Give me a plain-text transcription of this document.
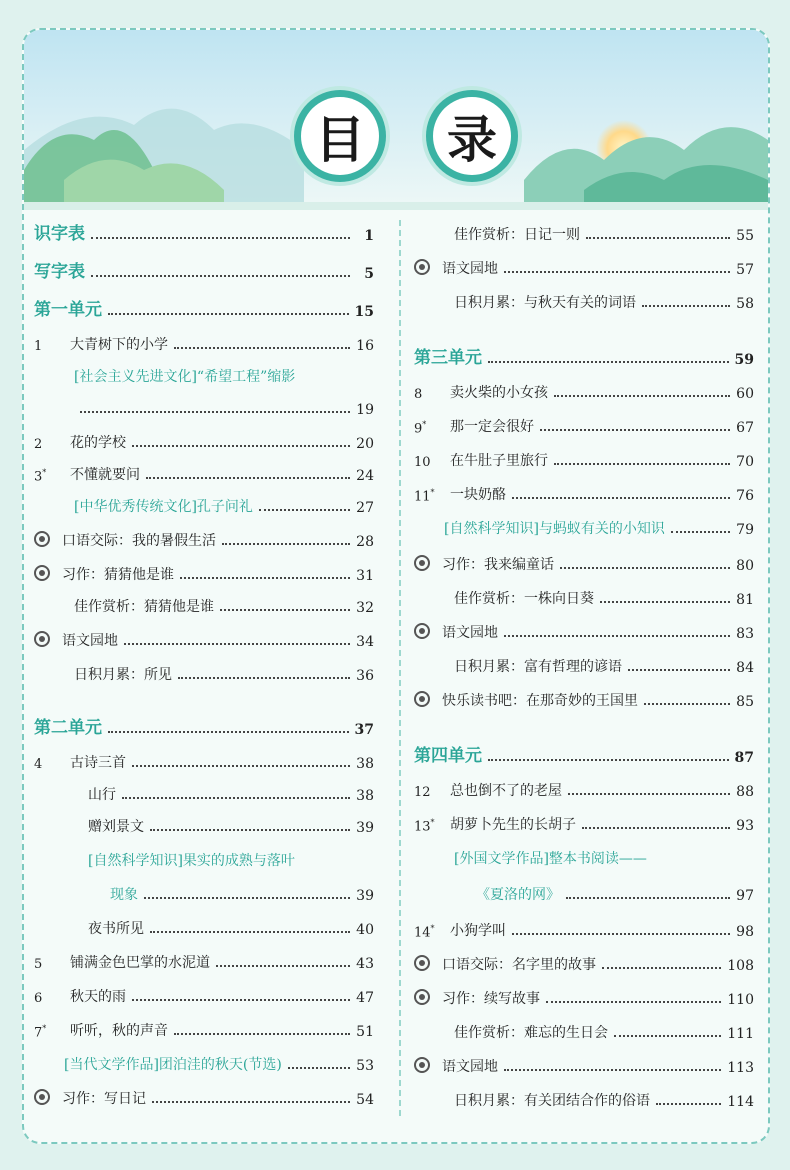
目 录
识字表	1
写字表	5
第一单元	15
1	大青树下的小学	16
[社会主义先进文化]“希望工程”缩影
19
2	花的学校	20
3*	不懂就要问	24
[中华优秀传统文化]孔子问礼	27
口语交际：我的暑假生活	28
习作：猜猜他是谁	31
佳作赏析：猜猜他是谁	32
语文园地	34
日积月累：所见	36
第二单元	37
4	古诗三首	38
山行	38
赠刘景文	39
[自然科学知识]果实的成熟与落叶
现象	39
夜书所见	40
5	铺满金色巴掌的水泥道	43
6	秋天的雨	47
7*	听听，秋的声音	51
[当代文学作品]团泊洼的秋天(节选)	53
习作：写日记	54
佳作赏析：日记一则	55
语文园地	57
日积月累：与秋天有关的词语	58
第三单元	59
8	卖火柴的小女孩	60
9*	那一定会很好	67
10	在牛肚子里旅行	70
11*	一块奶酪	76
[自然科学知识]与蚂蚁有关的小知识	79
习作：我来编童话	80
佳作赏析：一株向日葵	81
语文园地	83
日积月累：富有哲理的谚语	84
快乐读书吧：在那奇妙的王国里	85
第四单元	87
12	总也倒不了的老屋	88
13*	胡萝卜先生的长胡子	93
[外国文学作品]整本书阅读——
《夏洛的网》	97
14*	小狗学叫	98
口语交际：名字里的故事	108
习作：续写故事	110
佳作赏析：难忘的生日会	111
语文园地	113
日积月累：有关团结合作的俗语	114
